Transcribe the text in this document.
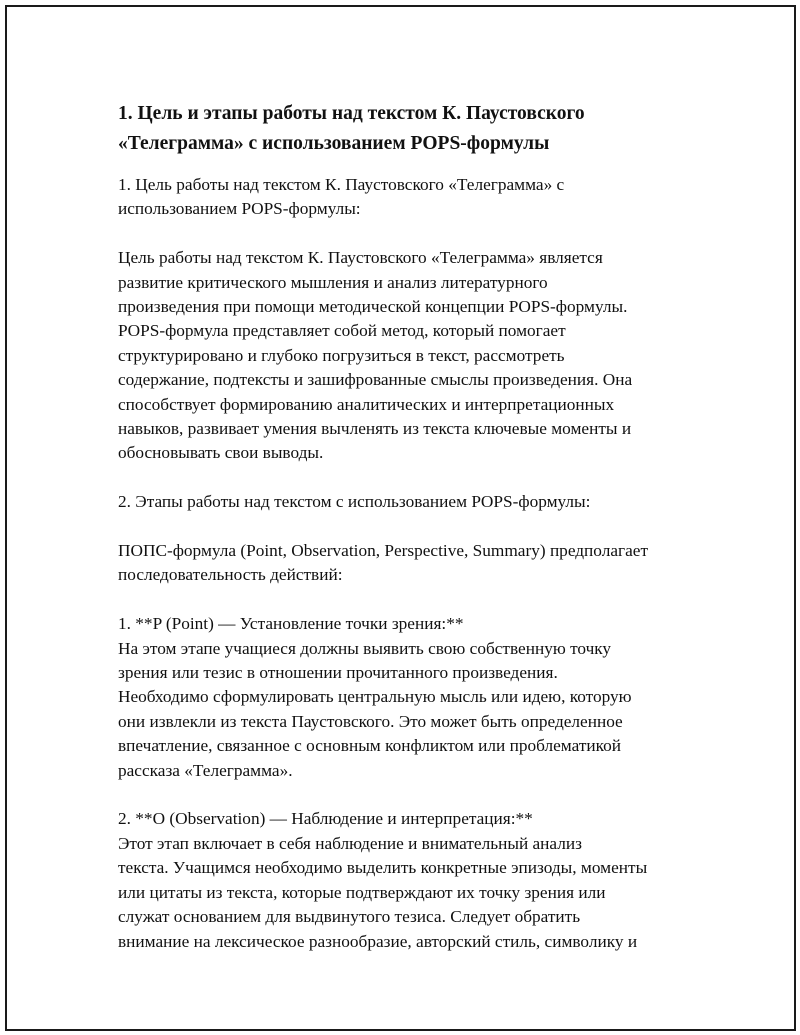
1. Цель и этапы работы над текстом К. Паустовского «Телеграмма» с использованием POPS-формулы

1. Цель работы над текстом К. Паустовского «Телеграмма» с
использованием POPS-формулы:

Цель работы над текстом К. Паустовского «Телеграмма» является
развитие критического мышления и анализ литературного
произведения при помощи методической концепции POPS-формулы.
POPS-формула представляет собой метод, который помогает
структурировано и глубоко погрузиться в текст, рассмотреть
содержание, подтексты и зашифрованные смыслы произведения. Она
способствует формированию аналитических и интерпретационных
навыков, развивает умения вычленять из текста ключевые моменты и
обосновывать свои выводы.

2. Этапы работы над текстом с использованием POPS-формулы:

ПОПС-формула (Point, Observation, Perspective, Summary) предполагает
последовательность действий:

1. **P (Point) — Установление точки зрения:**
На этом этапе учащиеся должны выявить свою собственную точку
зрения или тезис в отношении прочитанного произведения.
Необходимо сформулировать центральную мысль или идею, которую
они извлекли из текста Паустовского. Это может быть определенное
впечатление, связанное с основным конфликтом или проблематикой
рассказа «Телеграмма».

2. **O (Observation) — Наблюдение и интерпретация:**
Этот этап включает в себя наблюдение и внимательный анализ
текста. Учащимся необходимо выделить конкретные эпизоды, моменты
или цитаты из текста, которые подтверждают их точку зрения или
служат основанием для выдвинутого тезиса. Следует обратить
внимание на лексическое разнообразие, авторский стиль, символику и
